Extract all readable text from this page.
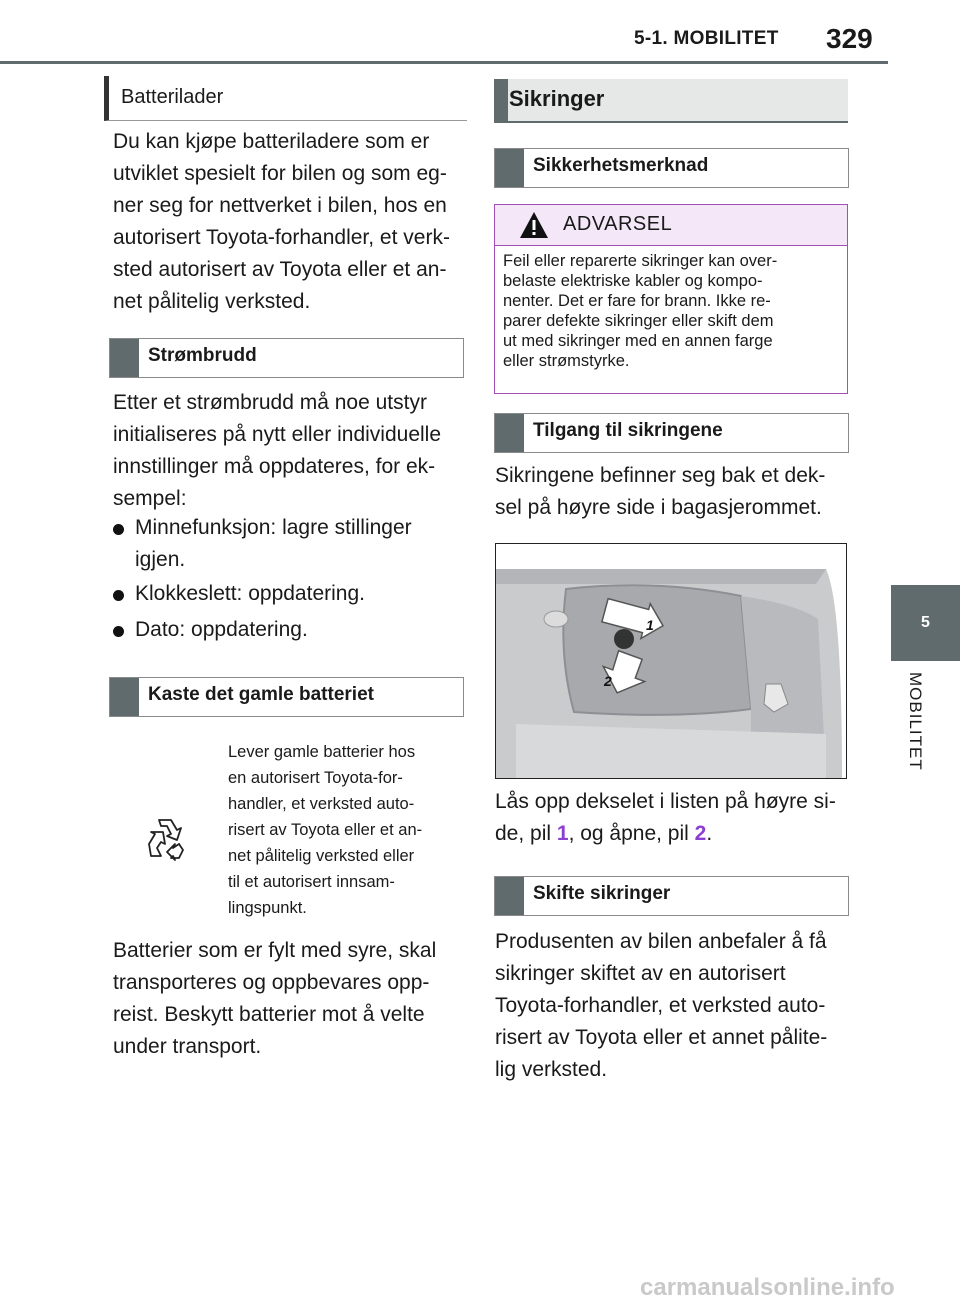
5-1. MOBILITET 329
5
MOBILITET
Batterilader
Du kan kjøpe batteriladere som er
utviklet spesielt for bilen og som eg-
ner seg for nettverket i bilen, hos en
autorisert Toyota-forhandler, et verk-
sted autorisert av Toyota eller et an-
net pålitelig verksted.
Strømbrudd
Etter et strømbrudd må noe utstyr
initialiseres på nytt eller individuelle
innstillinger må oppdateres, for ek-
sempel:
Minnefunksjon: lagre stillinger
igjen.
Klokkeslett: oppdatering.
Dato: oppdatering.
Kaste det gamle batteriet
Lever gamle batterier hos
en autorisert Toyota-for-
handler, et verksted auto-
risert av Toyota eller et an-
net pålitelig verksted eller
til et autorisert innsam-
lingspunkt.
Batterier som er fylt med syre, skal
transporteres og oppbevares opp-
reist. Beskytt batterier mot å velte
under transport.
Sikringer
Sikkerhetsmerknad
ADVARSEL
Feil eller reparerte sikringer kan over-
belaste elektriske kabler og kompo-
nenter. Det er fare for brann. Ikke re-
parer defekte sikringer eller skift dem
ut med sikringer med en annen farge
eller strømstyrke.
Tilgang til sikringene
Sikringene befinner seg bak et dek-
sel på høyre side i bagasjerommet.
1
2
Lås opp dekselet i listen på høyre si-
de, pil 1, og åpne, pil 2.
Skifte sikringer
Produsenten av bilen anbefaler å få
sikringer skiftet av en autorisert
Toyota-forhandler, et verksted auto-
risert av Toyota eller et annet pålite-
lig verksted.
carmanualsonline.info
